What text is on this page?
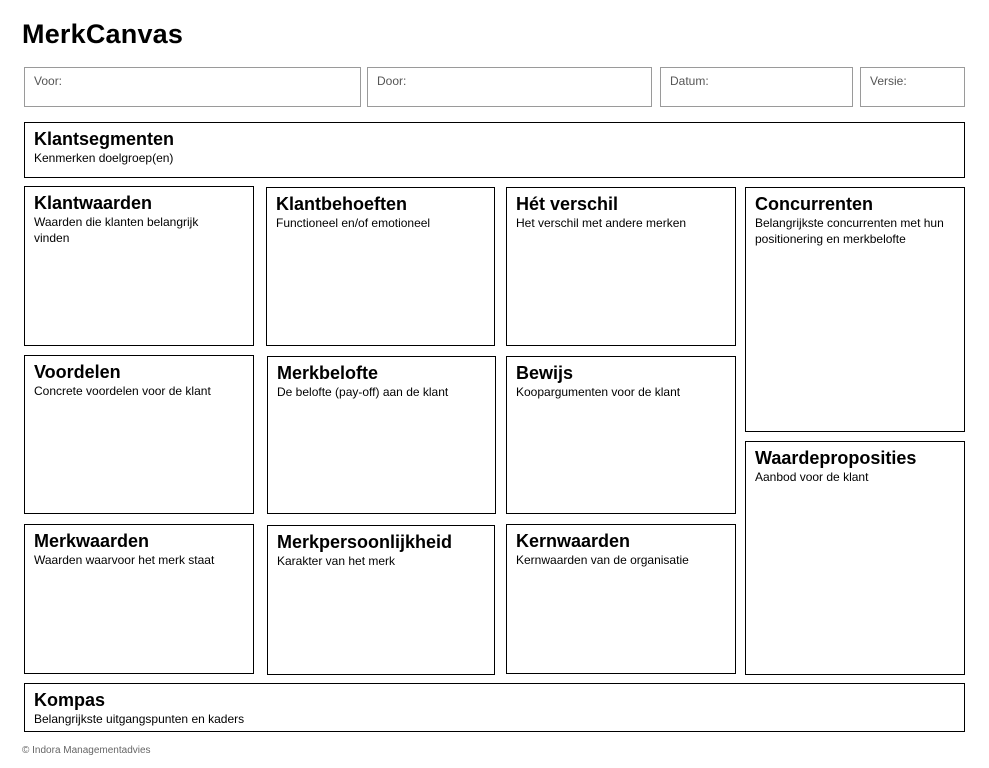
MerkCanvas
Voor:	Door:	Datum:	Versie:
Klantsegmenten
Kenmerken doelgroep(en)
Klantwaarden
Waarden die klanten belangrijk vinden
Klantbehoeften
Functioneel en/of emotioneel
Hét verschil
Het verschil met andere merken
Concurrenten
Belangrijkste concurrenten met hun positionering en merkbelofte
Voordelen
Concrete voordelen voor de klant
Merkbelofte
De belofte (pay-off) aan de klant
Bewijs
Koopargumenten voor de klant
Waardeproposities
Aanbod voor de klant
Merkwaarden
Waarden waarvoor het merk staat
Merkpersoonlijkheid
Karakter van het merk
Kernwaarden
Kernwaarden van de organisatie
Kompas
Belangrijkste uitgangspunten en kaders
© Indora Managementadvies
